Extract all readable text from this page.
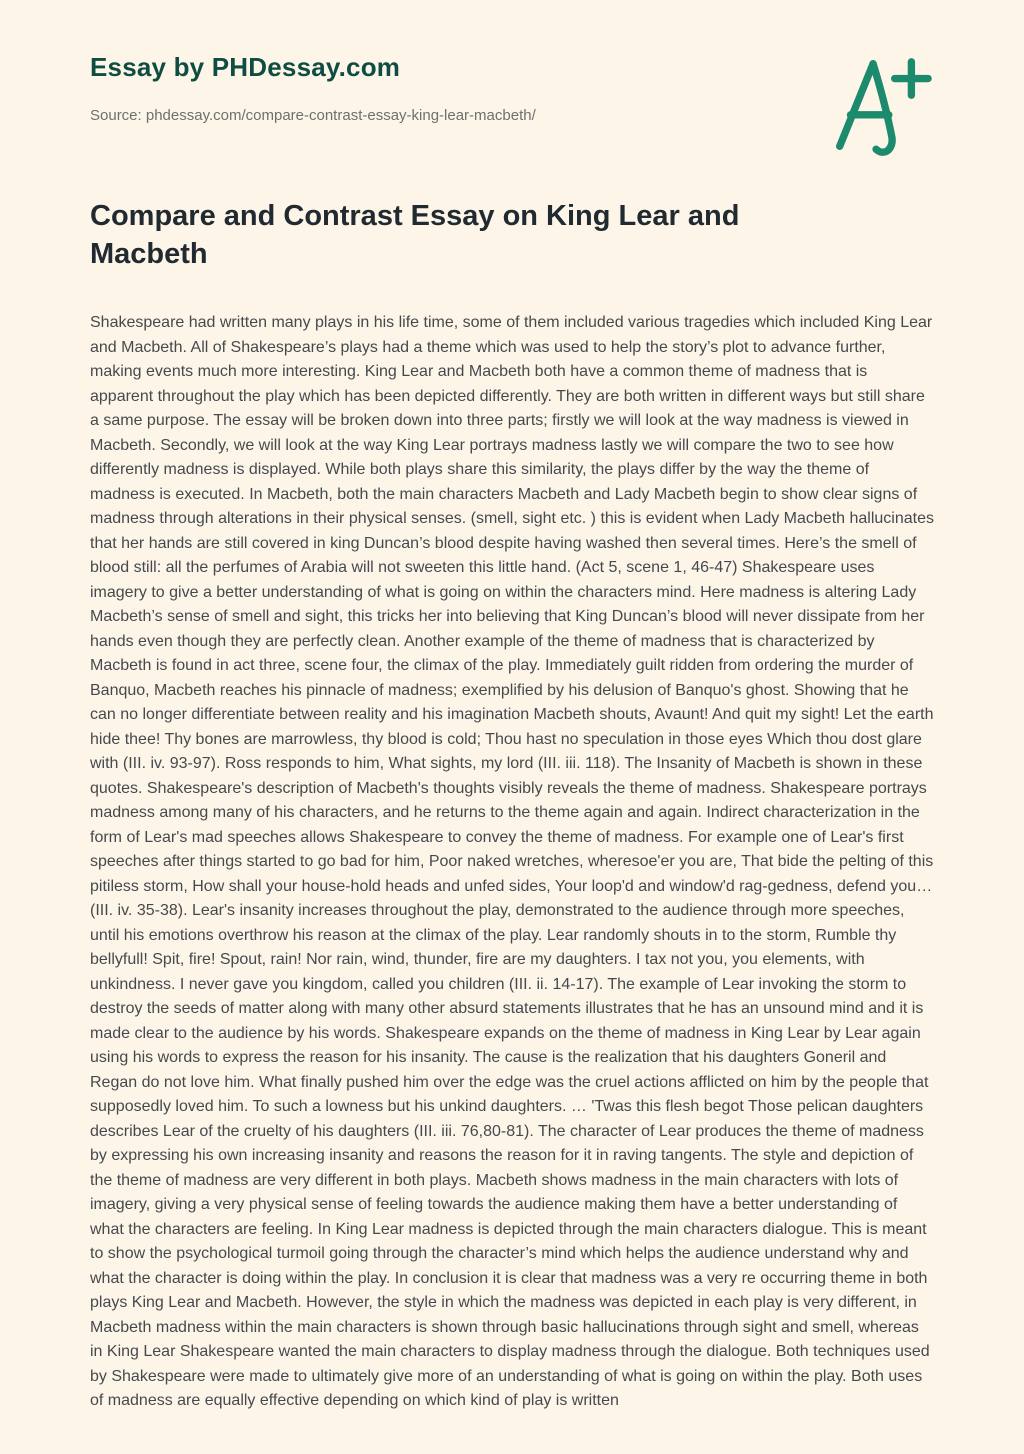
Essay by PHDessay.com

Source: phdessay.com/compare-contrast-essay-king-lear-macbeth/

Compare and Contrast Essay on King Lear and Macbeth

Shakespeare had written many plays in his life time, some of them included various tragedies which included King Lear and Macbeth. All of Shakespeare’s plays had a theme which was used to help the story’s plot to advance further, making events much more interesting. King Lear and Macbeth both have a common theme of madness that is apparent throughout the play which has been depicted differently. They are both written in different ways but still share a same purpose. The essay will be broken down into three parts; firstly we will look at the way madness is viewed in Macbeth. Secondly, we will look at the way King Lear portrays madness lastly we will compare the two to see how differently madness is displayed. While both plays share this similarity, the plays differ by the way the theme of madness is executed. In Macbeth, both the main characters Macbeth and Lady Macbeth begin to show clear signs of madness through alterations in their physical senses. (smell, sight etc. ) this is evident when Lady Macbeth hallucinates that her hands are still covered in king Duncan’s blood despite having washed then several times. Here’s the smell of blood still: all the perfumes of Arabia will not sweeten this little hand. (Act 5, scene 1, 46-47) Shakespeare uses imagery to give a better understanding of what is going on within the characters mind. Here madness is altering Lady Macbeth’s sense of smell and sight, this tricks her into believing that King Duncan’s blood will never dissipate from her hands even though they are perfectly clean. Another example of the theme of madness that is characterized by Macbeth is found in act three, scene four, the climax of the play. Immediately guilt ridden from ordering the murder of Banquo, Macbeth reaches his pinnacle of madness; exemplified by his delusion of Banquo's ghost. Showing that he can no longer differentiate between reality and his imagination Macbeth shouts, Avaunt! And quit my sight! Let the earth hide thee! Thy bones are marrowless, thy blood is cold; Thou hast no speculation in those eyes Which thou dost glare with (III. iv. 93-97). Ross responds to him, What sights, my lord (III. iii. 118). The Insanity of Macbeth is shown in these quotes. Shakespeare's description of Macbeth's thoughts visibly reveals the theme of madness. Shakespeare portrays madness among many of his characters, and he returns to the theme again and again. Indirect characterization in the form of Lear's mad speeches allows Shakespeare to convey the theme of madness. For example one of Lear's first speeches after things started to go bad for him, Poor naked wretches, wheresoe'er you are, That bide the pelting of this pitiless storm, How shall your house-hold heads and unfed sides, Your loop'd and window'd rag-gedness, defend you… (III. iv. 35-38). Lear's insanity increases throughout the play, demonstrated to the audience through more speeches, until his emotions overthrow his reason at the climax of the play. Lear randomly shouts in to the storm, Rumble thy bellyfull! Spit, fire! Spout, rain! Nor rain, wind, thunder, fire are my daughters. I tax not you, you elements, with unkindness. I never gave you kingdom, called you children (III. ii. 14-17). The example of Lear invoking the storm to destroy the seeds of matter along with many other absurd statements illustrates that he has an unsound mind and it is made clear to the audience by his words. Shakespeare expands on the theme of madness in King Lear by Lear again using his words to express the reason for his insanity. The cause is the realization that his daughters Goneril and Regan do not love him. What finally pushed him over the edge was the cruel actions afflicted on him by the people that supposedly loved him. To such a lowness but his unkind daughters. … 'Twas this flesh begot Those pelican daughters describes Lear of the cruelty of his daughters (III. iii. 76,80-81). The character of Lear produces the theme of madness by expressing his own increasing insanity and reasons the reason for it in raving tangents. The style and depiction of the theme of madness are very different in both plays. Macbeth shows madness in the main characters with lots of imagery, giving a very physical sense of feeling towards the audience making them have a better understanding of what the characters are feeling. In King Lear madness is depicted through the main characters dialogue. This is meant to show the psychological turmoil going through the character’s mind which helps the audience understand why and what the character is doing within the play. In conclusion it is clear that madness was a very re occurring theme in both plays King Lear and Macbeth. However, the style in which the madness was depicted in each play is very different, in Macbeth madness within the main characters is shown through basic hallucinations through sight and smell, whereas in King Lear Shakespeare wanted the main characters to display madness through the dialogue. Both techniques used by Shakespeare were made to ultimately give more of an understanding of what is going on within the play. Both uses of madness are equally effective depending on which kind of play is written
